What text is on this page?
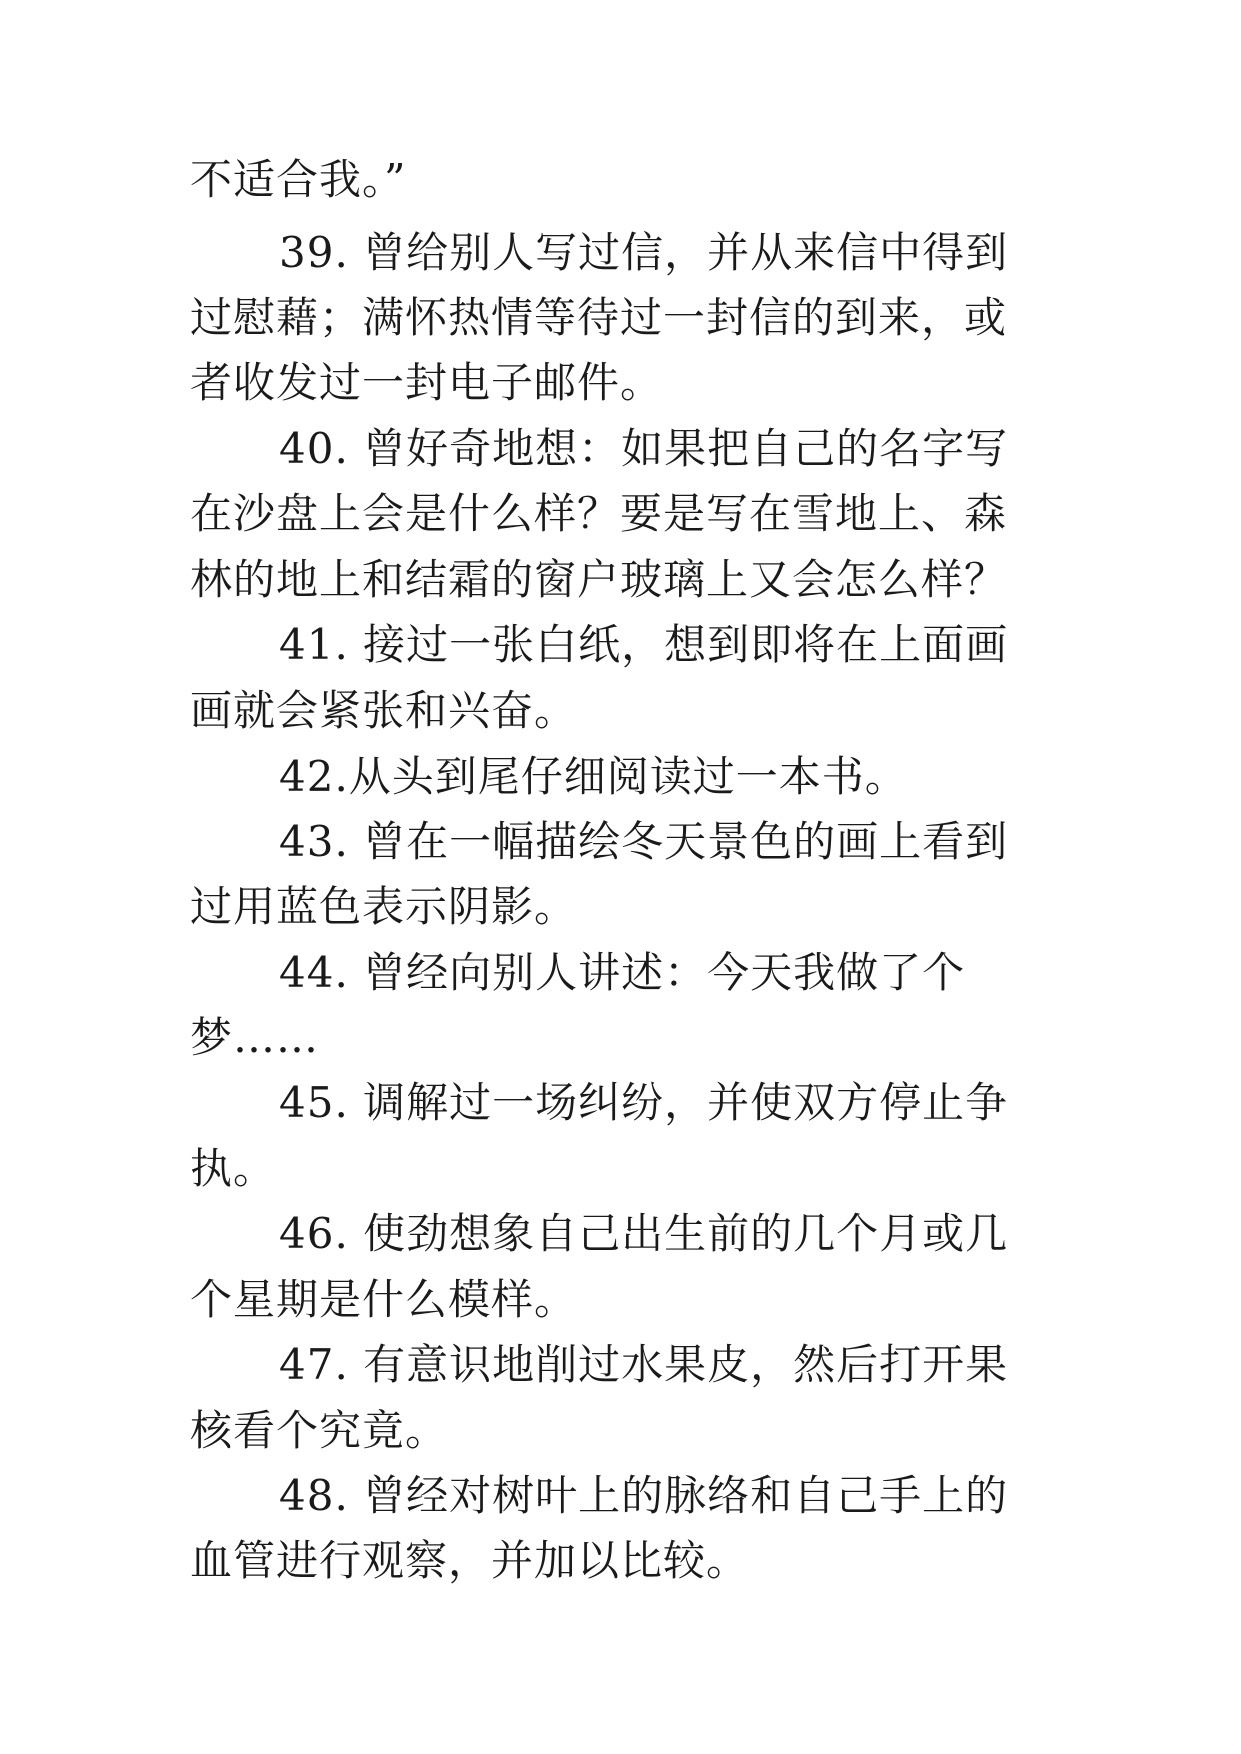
不适合我。”
39. 曾给别人写过信，并从来信中得到
过慰藉；满怀热情等待过一封信的到来，或
者收发过一封电子邮件。
40. 曾好奇地想：如果把自己的名字写
在沙盘上会是什么样？要是写在雪地上、森
林的地上和结霜的窗户玻璃上又会怎么样？
41. 接过一张白纸，想到即将在上面画
画就会紧张和兴奋。
42.从头到尾仔细阅读过一本书。
43. 曾在一幅描绘冬天景色的画上看到
过用蓝色表示阴影。
44. 曾经向别人讲述：今天我做了个
梦……
45. 调解过一场纠纷，并使双方停止争
执。
46. 使劲想象自己出生前的几个月或几
个星期是什么模样。
47. 有意识地削过水果皮，然后打开果
核看个究竟。
48. 曾经对树叶上的脉络和自己手上的
血管进行观察，并加以比较。
